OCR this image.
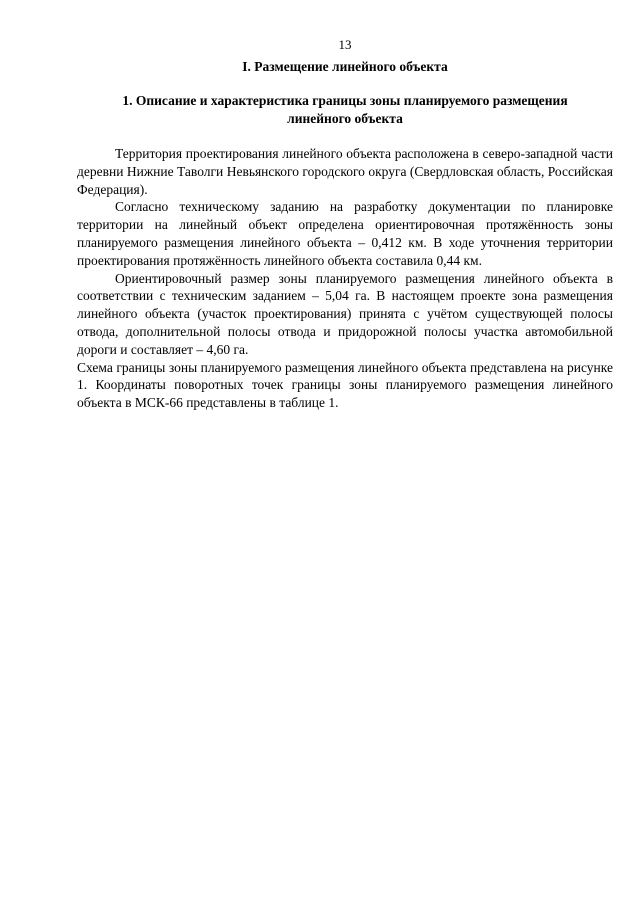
13
I. Размещение линейного объекта
1. Описание и характеристика границы зоны планируемого размещения линейного объекта

Территория проектирования линейного объекта расположена в северо-западной части деревни Нижние Таволги Невьянского городского округа (Свердловская область, Российская Федерация).

Согласно техническому заданию на разработку документации по планировке территории на линейный объект определена ориентировочная протяжённость зоны планируемого размещения линейного объекта – 0,412 км. В ходе уточнения территории проектирования протяжённость линейного объекта составила 0,44 км.

Ориентировочный размер зоны планируемого размещения линейного объекта в соответствии с техническим заданием – 5,04 га. В настоящем проекте зона размещения линейного объекта (участок проектирования) принята с учётом существующей полосы отвода, дополнительной полосы отвода и придорожной полосы участка автомобильной дороги и составляет – 4,60 га.

Схема границы зоны планируемого размещения линейного объекта представлена на рисунке 1. Координаты поворотных точек границы зоны планируемого размещения линейного объекта в МСК-66 представлены в таблице 1.
